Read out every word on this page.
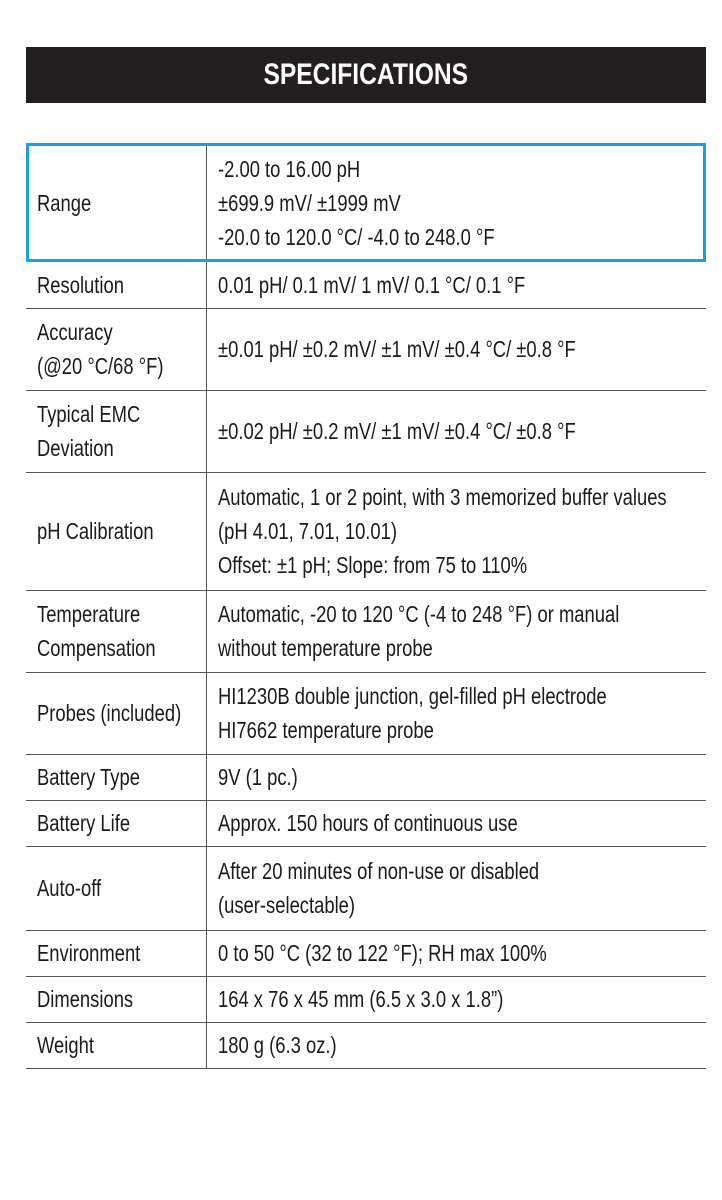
SPECIFICATIONS
Range	-2.00 to 16.00 pH
±699.9 mV/ ±1999 mV
-20.0 to 120.0 °C/ -4.0 to 248.0 °F

Resolution	0.01 pH/ 0.1 mV/ 1 mV/ 0.1 °C/ 0.1 °F

Accuracy
(@20 °C/68 °F)	±0.01 pH/ ±0.2 mV/ ±1 mV/ ±0.4 °C/ ±0.8 °F

Typical EMC
Deviation	±0.02 pH/ ±0.2 mV/ ±1 mV/ ±0.4 °C/ ±0.8 °F

pH Calibration	Automatic, 1 or 2 point, with 3 memorized buffer values
(pH 4.01, 7.01, 10.01)
Offset: ±1 pH; Slope: from 75 to 110%

Temperature
Compensation	Automatic, -20 to 120 °C (-4 to 248 °F) or manual
without temperature probe

Probes (included)	HI1230B double junction, gel-filled pH electrode
HI7662 temperature probe

Battery Type	9V (1 pc.)

Battery Life	Approx. 150 hours of continuous use

Auto-off	After 20 minutes of non-use or disabled
(user-selectable)

Environment	0 to 50 °C (32 to 122 °F); RH max 100%

Dimensions	164 x 76 x 45 mm (6.5 x 3.0 x 1.8”)

Weight	180 g (6.3 oz.)
